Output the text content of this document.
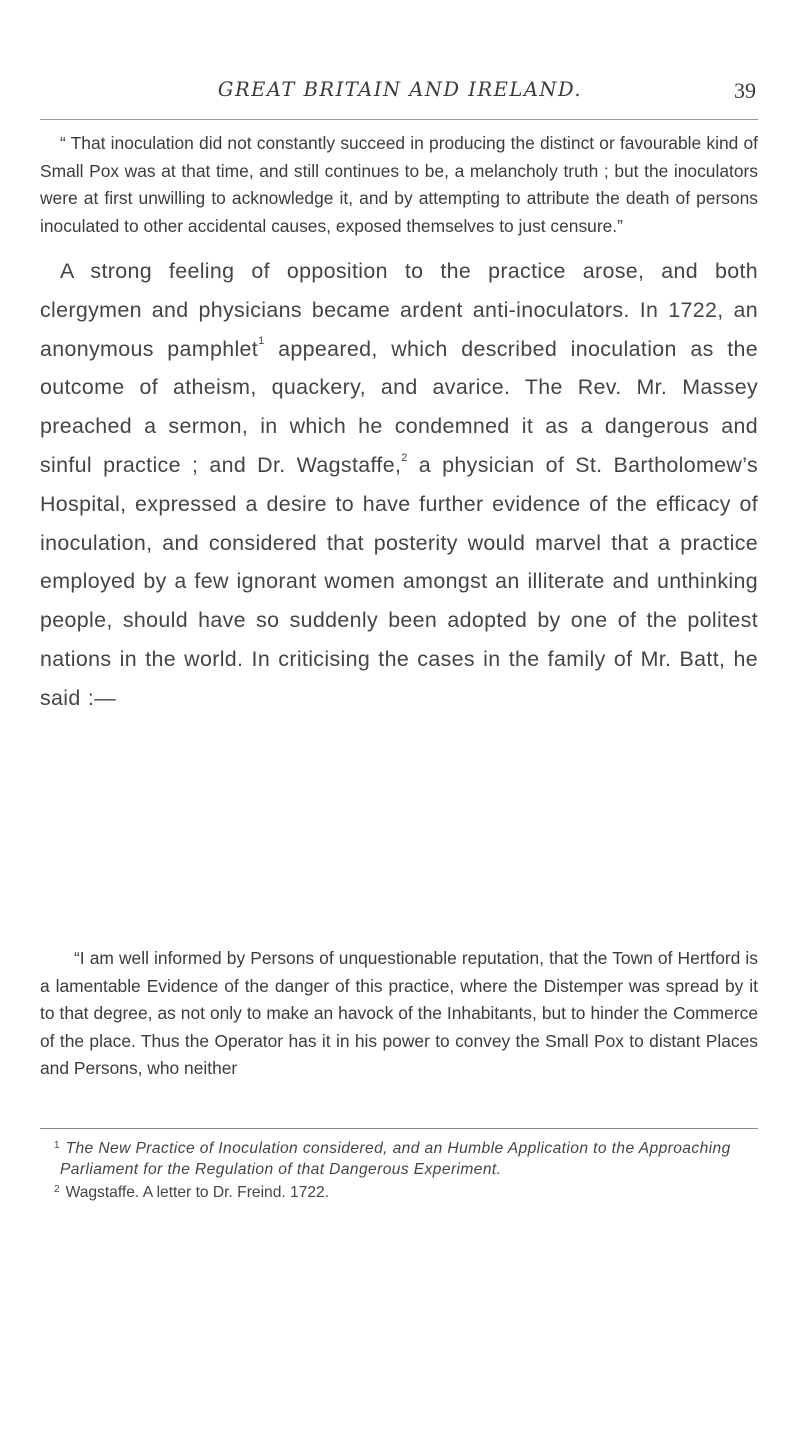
GREAT BRITAIN AND IRELAND.	39

“ That inoculation did not constantly succeed in producing the distinct or favourable kind of Small Pox was at that time, and still continues to be, a melancholy truth ; but the inoculators were at first unwilling to acknowledge it, and by attempting to attribute the death of persons inoculated to other accidental causes, exposed themselves to just censure.”

A strong feeling of opposition to the practice arose, and both clergymen and physicians became ardent anti-inoculators. In 1722, an anonymous pamphlet$^1$ appeared, which described inoculation as the outcome of atheism, quackery, and avarice. The Rev. Mr. Massey preached a sermon, in which he condemned it as a dangerous and sinful practice ; and Dr. Wagstaffe,$^2$ a physician of St. Bartholomew’s Hospital, expressed a desire to have further evidence of the efficacy of inoculation, and considered that posterity would marvel that a practice employed by a few ignorant women amongst an illiterate and unthinking people, should have so suddenly been adopted by one of the politest nations in the world. In criticising the cases in the family of Mr. Batt, he said :—

“I am well informed by Persons of unquestionable reputation, that the Town of Hertford is a lamentable Evidence of the danger of this practice, where the Distemper was spread by it to that degree, as not only to make an havock of the Inhabitants, but to hinder the Commerce of the place. Thus the Operator has it in his power to convey the Small Pox to distant Places and Persons, who neither

$^1$ The New Practice of Inoculation considered, and an Humble Application to the Approaching Parliament for the Regulation of that Dangerous Experiment.

$^2$ Wagstaffe. A letter to Dr. Freind. 1722.
